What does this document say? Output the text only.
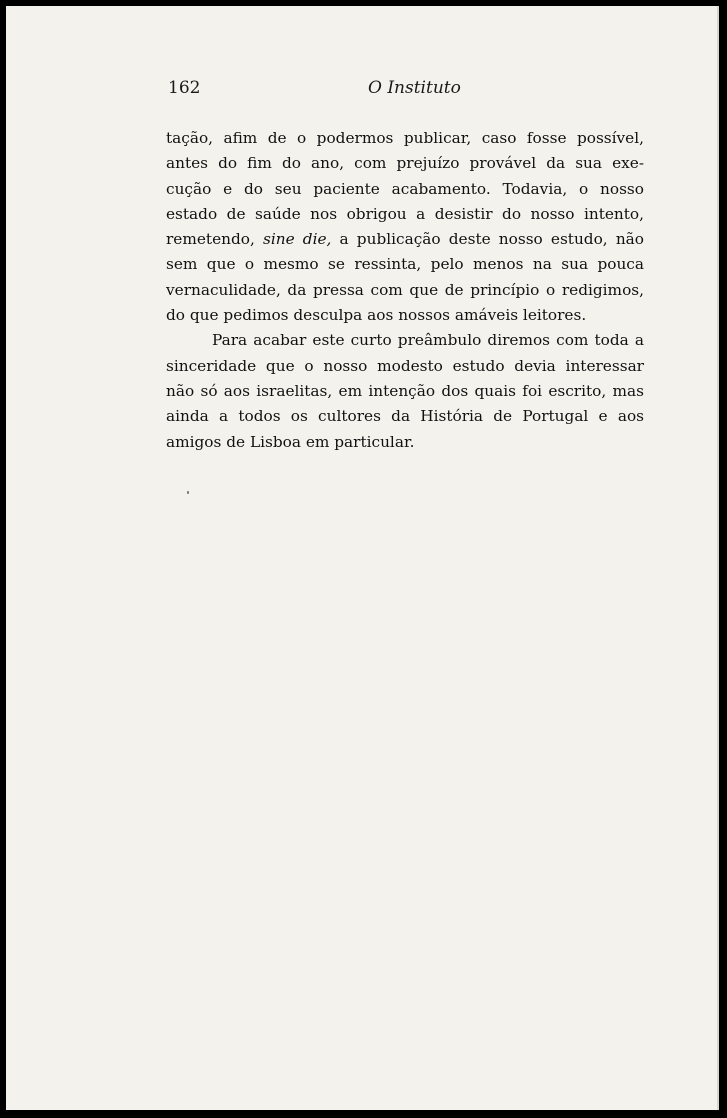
162	O Instituto
tação, afim de o podermos publicar, caso fosse possível,
antes do fim do ano, com prejuízo provável da sua exe-
cução e do seu paciente acabamento. Todavia, o nosso
estado de saúde nos obrigou a desistir do nosso intento,
remetendo, sine die, a publicação deste nosso estudo, não
sem que o mesmo se ressinta, pelo menos na sua pouca
vernaculidade, da pressa com que de princípio o redigimos,
do que pedimos desculpa aos nossos amáveis leitores.
Para acabar este curto preâmbulo diremos com toda a
sinceridade que o nosso modesto estudo devia interessar
não só aos israelitas, em intenção dos quais foi escrito, mas
ainda a todos os cultores da História de Portugal e aos
amigos de Lisboa em particular.
